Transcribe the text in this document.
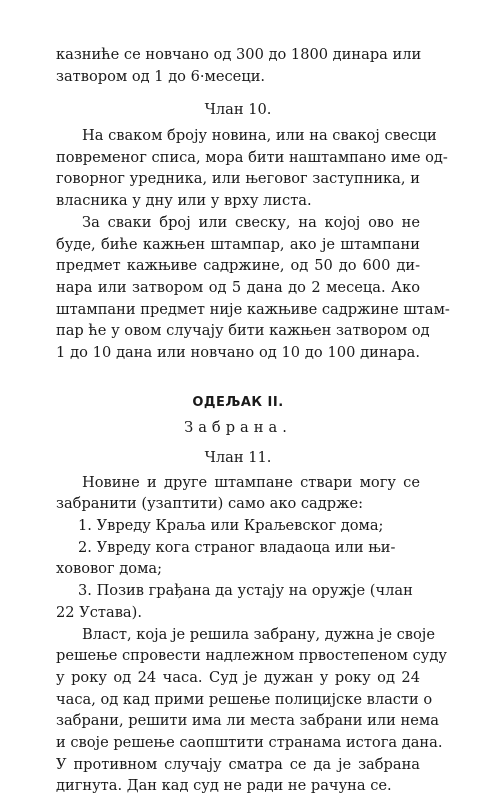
казниће се новчано од 300 до 1800 динара или
затвором од 1 до 6·месеци.
Члан 10.
На сваком броју новина, или на свакој свесци
повременог списа, мора бити наштампано име од-
говорног уредника, или његовог заступника, и
власника у дну или у врху листа.
За сваки број или свеску, на којој ово не
буде, биће кажњен штампар, ако је штампани
предмет кажњиве садржине, од 50 до 600 ди-
нара или затвором од 5 дана до 2 месеца. Ако
штампани предмет није кажњиве садржине штам-
пар ће у овом случају бити кажњен затвором од
1 до 10 дана или новчано од 10 до 100 динара.
ОДЕЉАК II.
Забрана.
Члан 11.
Новине и друге штампане ствари могу се
забранити (узаптити) само ако садрже:
1. Увреду Краља или Краљевског дома;
2. Увреду кога страног владаоца или њи-
хововог дома;
3. Позив грађана да устају на оружје (члан
22 Устава).
Власт, која је решила забрану, дужна је своје
решење спровести надлежном првостепеном суду
у року од 24 часа. Суд је дужан у року од 24
часа, од кад прими решење полицијске власти о
забрани, решити има ли места забрани или нема
и своје решење саопштити странама истога дана.
У противном случају сматра се да је забрана
дигнута. Дан кад суд не ради не рачуна се.
